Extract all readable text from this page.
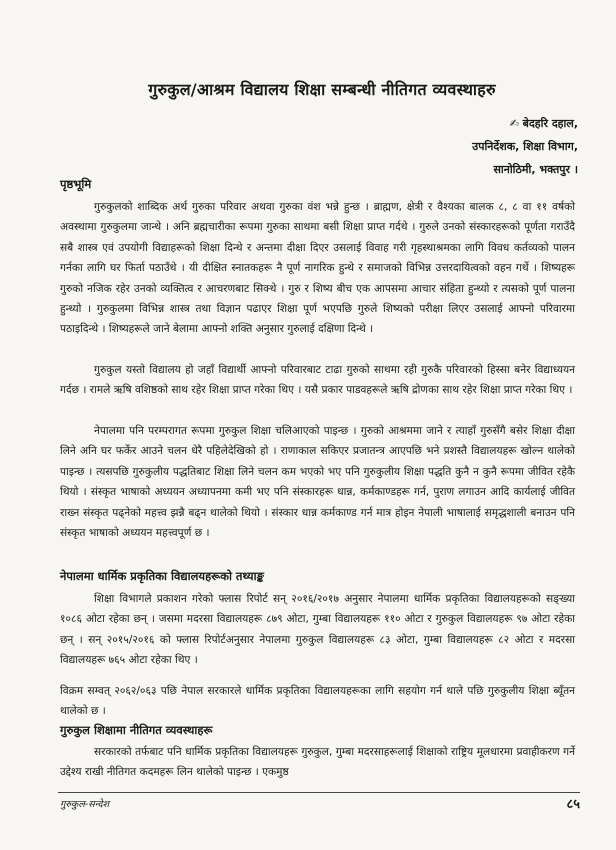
गुरुकुल/आश्रम विद्यालय शिक्षा सम्बन्धी नीतिगत व्यवस्थाहरु
✍ बेदहरि दहाल,
उपनिर्देशक, शिक्षा विभाग,
सानोठिमी, भक्तपुर ।
पृष्ठभूमि
गुरुकुलको शाब्दिक अर्थ गुरुका परिवार अथवा गुरुका वंश भन्ने हुन्छ । ब्राह्मण, क्षेत्री र वैश्यका बालक ८, ८ वा ११ वर्षको अवस्थामा गुरुकुलमा जान्थे । अनि ब्रह्मचारीका रूपमा गुरुका साथमा बसी शिक्षा प्राप्त गर्दथे । गुरुले उनको संस्कारहरूको पूर्णता गराउँदै सबै शास्त्र एवं उपयोगी विद्याहरूको शिक्षा दिन्थे र अन्तमा दीक्षा दिएर उसलाई विवाह गरी गृहस्थाश्रमका लागि विवध कर्तव्यको पालन गर्नका लागि घर फिर्ता पठाउँथे । यी दीक्षित स्नातकहरू नै पूर्ण नागरिक हुन्थे र समाजको विभिन्न उत्तरदायित्वको वहन गर्थे । शिष्यहरू गुरुको नजिक रहेर उनको व्यक्तित्व र आचरणबाट सिक्थे । गुरु र शिष्य बीच एक आपसमा आचार संहिता हुन्थ्यो र त्यसको पूर्ण पालना हुन्थ्यो । गुरुकुलमा विभिन्न शास्त्र तथा विज्ञान पढाएर शिक्षा पूर्ण भएपछि गुरुले शिष्यको परीक्षा लिएर उसलाई आफ्नो परिवारमा पठाइदिन्थे । शिष्यहरूले जाने बेलामा आफ्नो शक्ति अनुसार गुरुलाई दक्षिणा दिन्थे ।
गुरुकुल यस्तो विद्यालय हो जहाँ विद्यार्थी आफ्नो परिवारबाट टाढा गुरुको साथमा रही गुरुकै परिवारको हिस्सा बनेर विद्याध्ययन गर्दछ । रामले ऋषि वशिष्ठको साथ रहेर शिक्षा प्राप्त गरेका थिए । यसै प्रकार पाडवहरूले ऋषि द्रोणका साथ रहेर शिक्षा प्राप्त गरेका थिए ।
नेपालमा पनि परम्परागत रूपमा गुरुकुल शिक्षा चलिआएको पाइन्छ । गुरुको आश्रममा जाने र त्याहाँ गुरुसँगै बसेर शिक्षा दीक्षा लिने अनि घर फर्केर आउने चलन धेरै पहिलेदेखिको हो । राणाकाल सकिएर प्रजातन्त्र आएपछि भने प्रशस्तै विद्यालयहरू खोल्न थालेको पाइन्छ । त्यसपछि गुरुकुलीय पद्धतिबाट शिक्षा लिने चलन कम भएको भए पनि गुरुकुलीय शिक्षा पद्धति कुनै न कुनै रूपमा जीवित रहेकै थियो । संस्कृत भाषाको अध्ययन अध्यापनमा कमी भए पनि संस्कारहरू धान्न, कर्मकाण्डहरू गर्न, पुराण लगाउन आदि कार्यलाई जीवित राख्न संस्कृत पढ्नेको महत्त्व झन्नै बढ्न थालेको थियो । संस्कार धान्न कर्मकाण्ड गर्न मात्र होइन नेपाली भाषालाई समृद्धशाली बनाउन पनि संस्कृत भाषाको अध्ययन महत्त्वपूर्ण छ ।
नेपालमा धार्मिक प्रकृतिका विद्यालयहरूको तथ्याङ्क
शिक्षा विभागले प्रकाशन गरेको फ्लास रिपोर्ट सन् २०१६/२०१७ अनुसार नेपालमा धार्मिक प्रकृतिका विद्यालयहरूको सङ्ख्या १०८६ ओटा रहेका छन् । जसमा मदरसा विद्यालयहरू ८७९ ओटा, गुम्बा विद्यालयहरू ११० ओटा र गुरुकुल विद्यालयहरू ९७ ओटा रहेका छन् । सन् २०१५/२०१६ को फ्लास रिपोर्टअनुसार नेपालमा गुरुकुल विद्यालयहरू ८३ ओटा, गुम्बा विद्यालयहरू ८२ ओटा र मदरसा विद्यालयहरू ७६५ ओटा रहेका थिए ।
विक्रम सम्वत् २०६२/०६३ पछि नेपाल सरकारले धार्मिक प्रकृतिका विद्यालयहरूका लागि सहयोग गर्न थाले पछि गुरुकुलीय शिक्षा ब्यूँतन थालेको छ ।
गुरुकुल शिक्षामा नीतिगत व्यवस्थाहरू
सरकारको तर्फबाट पनि धार्मिक प्रकृतिका विद्यालयहरू गुरुकुल, गुम्बा मदरसाहरूलाई शिक्षाको राष्ट्रिय मूलधारमा प्रवाहीकरण गर्ने उद्देश्य राखी नीतिगत कदमहरू लिन थालेको पाइन्छ । एकमुष्ठ
गुरुकुल-सन्देश	८५
